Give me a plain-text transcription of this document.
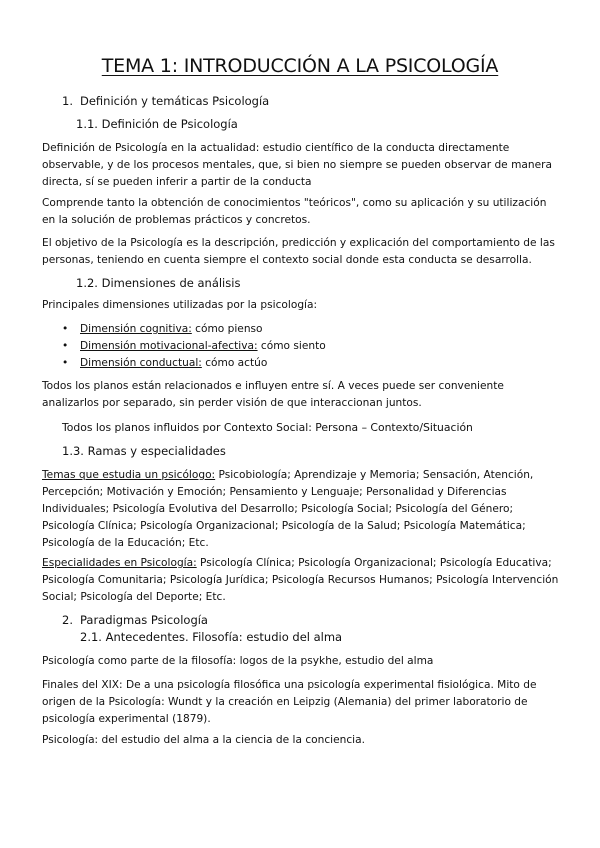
TEMA 1: INTRODUCCIÓN A LA PSICOLOGÍA
1. Definición y temáticas Psicología
1.1. Definición de Psicología

Definición de Psicología en la actualidad: estudio científico de la conducta directamente observable, y de los procesos mentales, que, si bien no siempre se pueden observar de manera directa, sí se pueden inferir a partir de la conducta

Comprende tanto la obtención de conocimientos "teóricos", como su aplicación y su utilización en la solución de problemas prácticos y concretos.

El objetivo de la Psicología es la descripción, predicción y explicación del comportamiento de las personas, teniendo en cuenta siempre el contexto social donde esta conducta se desarrolla.

1.2. Dimensiones de análisis

Principales dimensiones utilizadas por la psicología:

• Dimensión cognitiva: cómo pienso
• Dimensión motivacional-afectiva: cómo siento
• Dimensión conductual: cómo actúo

Todos los planos están relacionados e influyen entre sí. A veces puede ser conveniente analizarlos por separado, sin perder visión de que interaccionan juntos.

Todos los planos influidos por Contexto Social: Persona – Contexto/Situación
1.3. Ramas y especialidades

Temas que estudia un psicólogo: Psicobiología; Aprendizaje y Memoria; Sensación, Atención, Percepción; Motivación y Emoción; Pensamiento y Lenguaje; Personalidad y Diferencias Individuales; Psicología Evolutiva del Desarrollo; Psicología Social; Psicología del Género; Psicología Clínica; Psicología Organizacional; Psicología de la Salud; Psicología Matemática; Psicología de la Educación; Etc.

Especialidades en Psicología: Psicología Clínica; Psicología Organizacional; Psicología Educativa; Psicología Comunitaria; Psicología Jurídica; Psicología Recursos Humanos; Psicología Intervención Social; Psicología del Deporte; Etc.

2. Paradigmas Psicología
2.1. Antecedentes. Filosofía: estudio del alma

Psicología como parte de la filosofía: logos de la psykhe, estudio del alma

Finales del XIX: De a una psicología filosófica una psicología experimental fisiológica. Mito de origen de la Psicología: Wundt y la creación en Leipzig (Alemania) del primer laboratorio de psicología experimental (1879).

Psicología: del estudio del alma a la ciencia de la conciencia.
